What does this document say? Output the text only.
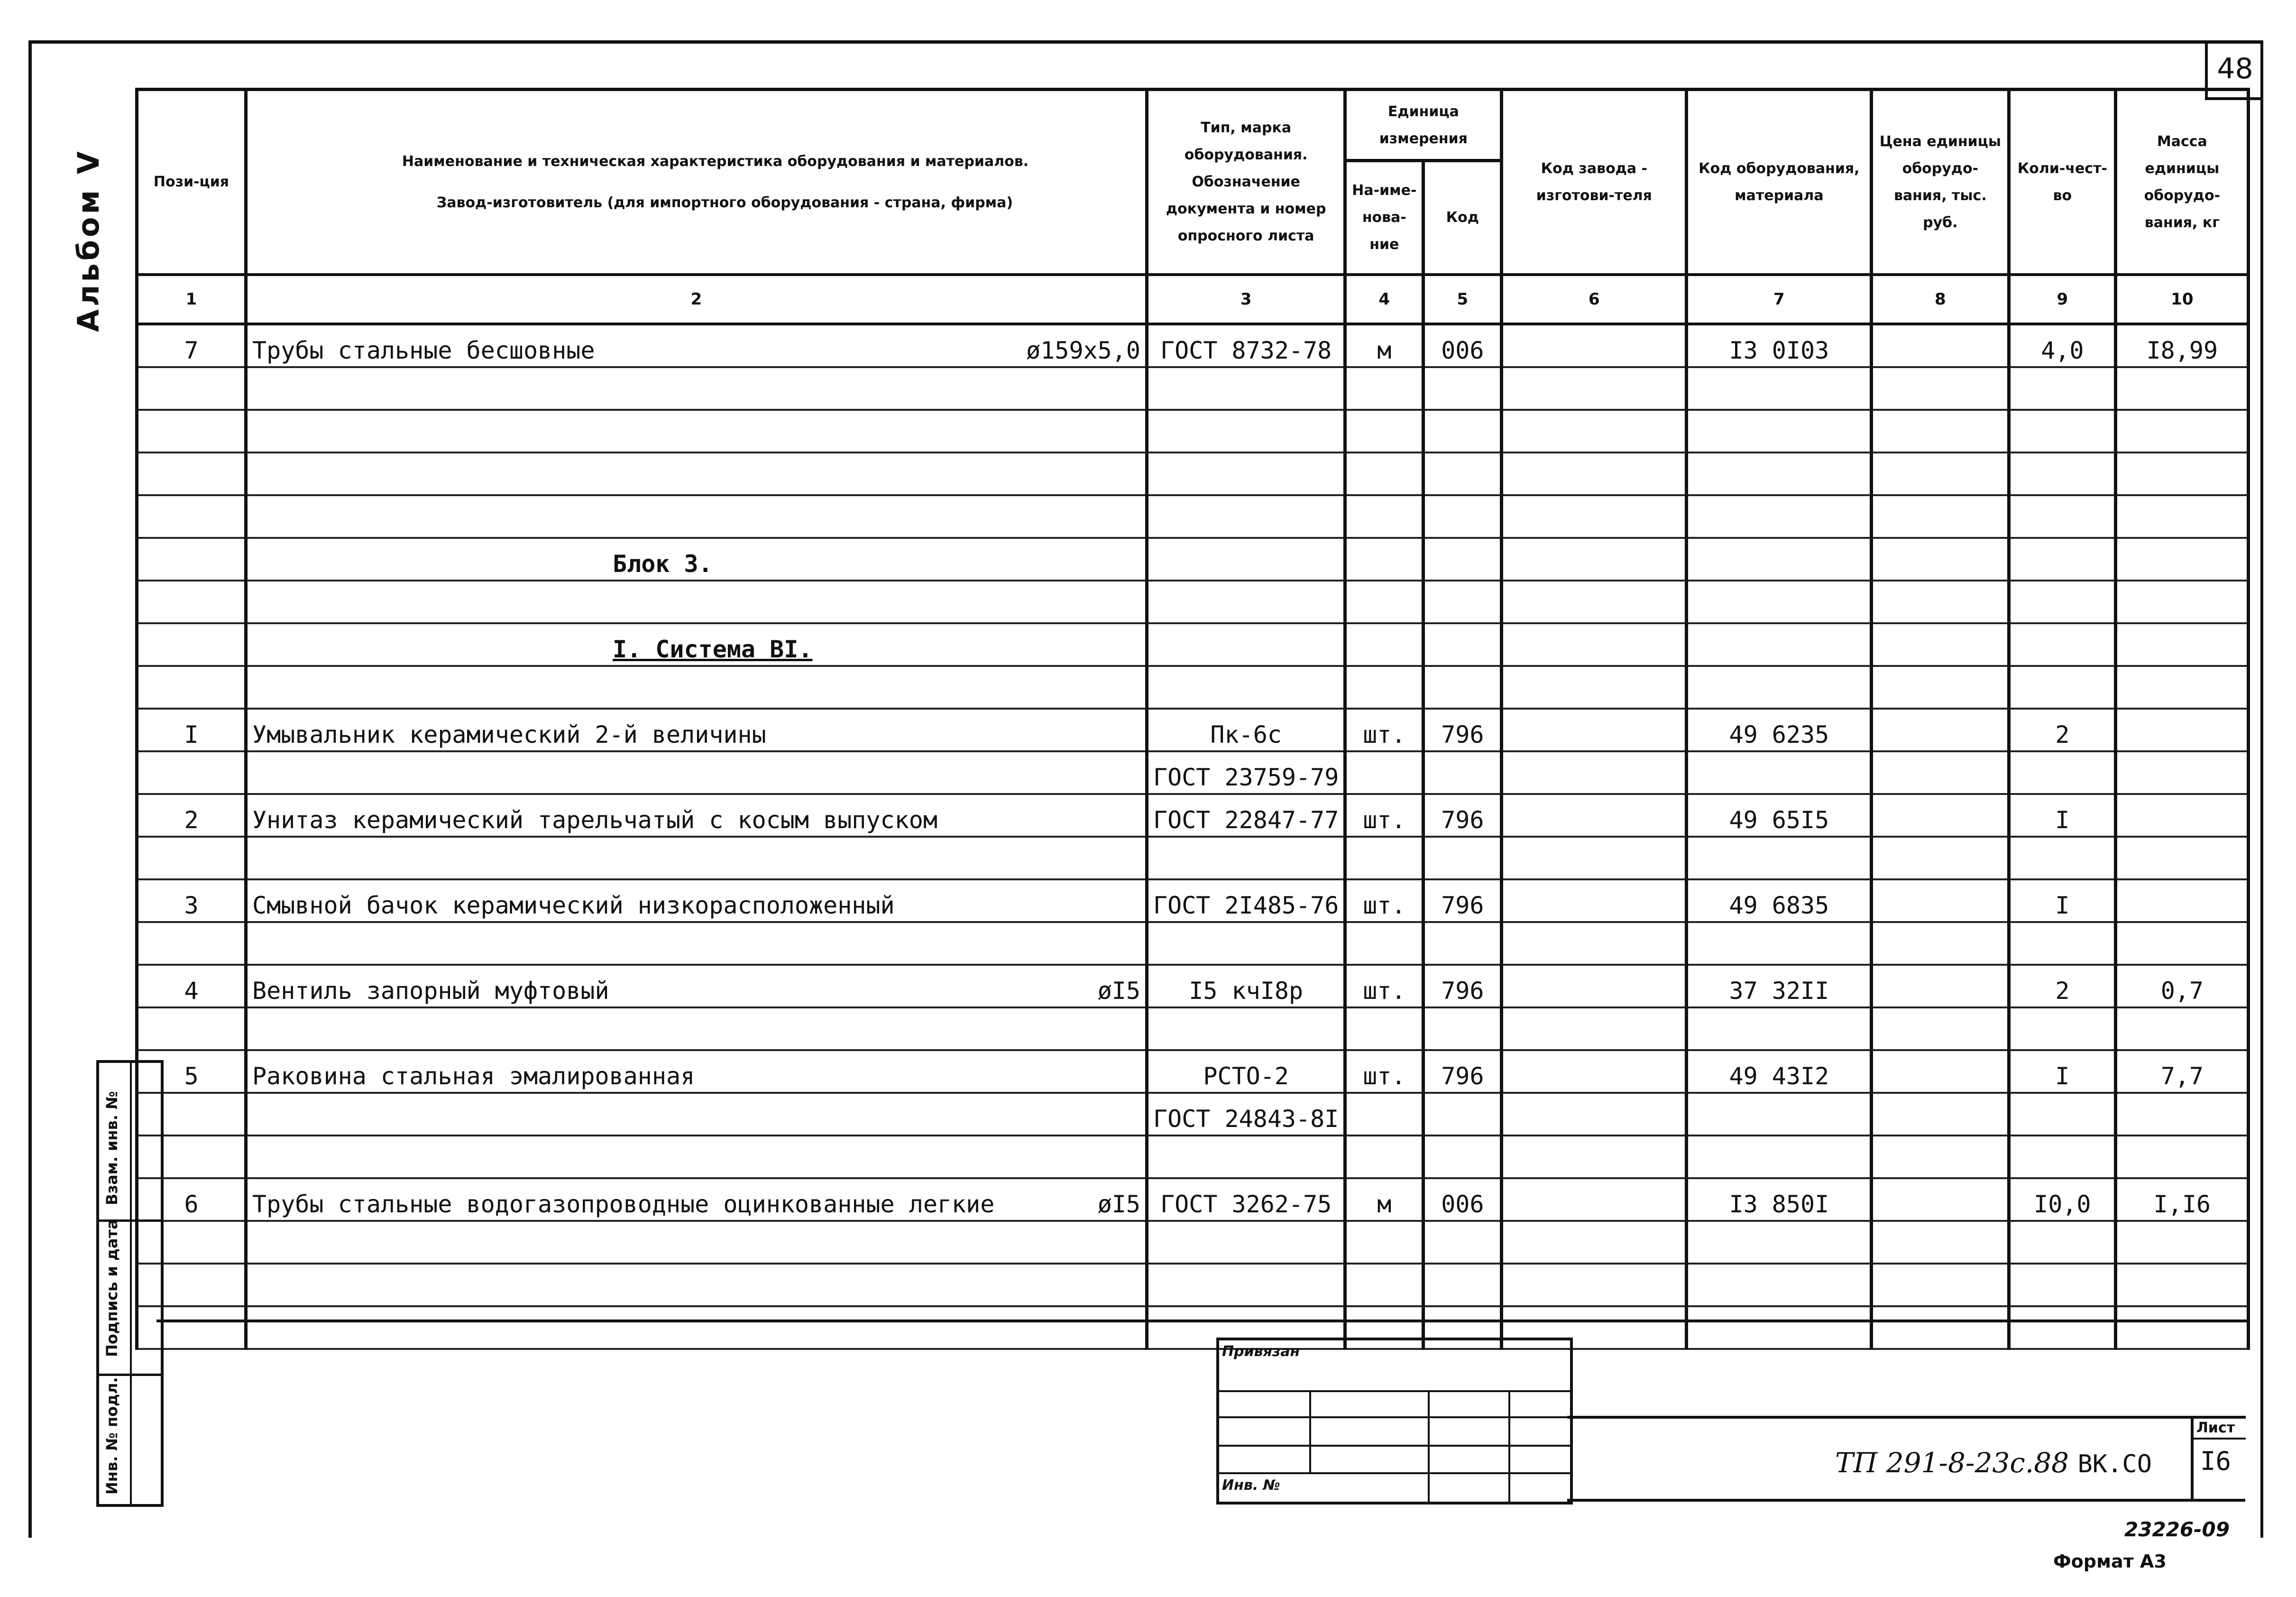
48
Альбом V	Пози-ция	Наименование и техническая характеристика оборудования и материалов.
Завод-изготовитель (для импортного оборудования - страна, фирма)	Тип, марка оборудования. Обозначение документа и номер опросного листа	Единица измерения		Код завода - изготови-теля	Код оборудования, материала	Цена единицы оборудо-вания, тыс. руб.	Коли-чест-во	Масса единицы оборудо-вания, кг
			На-име-нова-ние	Код					
1	2	3	4	5	6	7	8	9	10
7	Трубы стальные бесшовные ø159x5,0	ГОСТ 8732-78	м	006		I3 0I03		4,0	I8,99

	Блок 3.								

	I. Система BI.								

I	Умывальник керамический 2-й величины	Пк-6с	шт.	796		49 6235		2	
		ГОСТ 23759-79							
2	Унитаз керамический тарельчатый с косым выпуском	ГОСТ 22847-77	шт.	796		49 65I5		I	

3	Смывной бачок керамический низкорасположенный	ГОСТ 2I485-76	шт.	796		49 6835		I	

4	Вентиль запорный муфтовый øI5	I5 кчI8р	шт.	796		37 32II		2	0,7

5	Раковина стальная эмалированная	РСТО-2	шт.	796		49 43I2		I	7,7
		ГОСТ 24843-8I							

6	Трубы стальные водогазопроводные оцинкованные легкие øI5	ГОСТ 3262-75	м	006		I3 850I		I0,0	I,I6

Взам. инв. №
Подпись и дата
Инв. № подл.
Привязан
Инв. №
ТП 291-8-23с.88 ВК.СО
Лист
I6
23226-09
Формат А3
